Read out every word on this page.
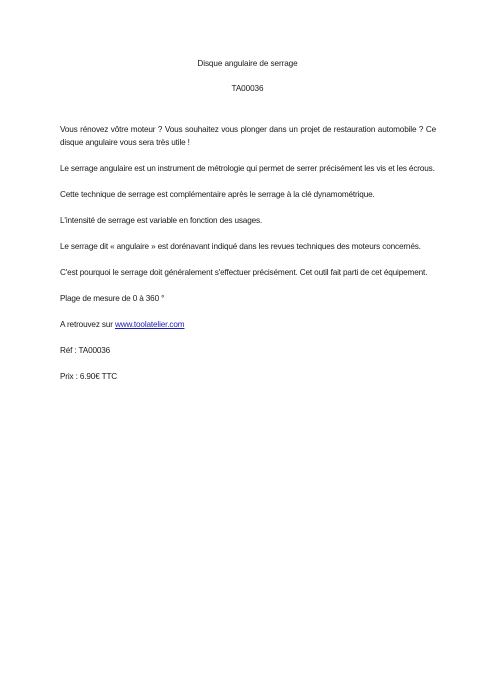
Disque angulaire de serrage
TA00036

Vous rénovez vôtre moteur ? Vous souhaitez vous plonger dans un projet de restauration automobile ? Ce disque angulaire vous sera très utile !

Le serrage angulaire est un instrument de métrologie qui permet de serrer précisément les vis et les écrous.

Cette technique de serrage est complémentaire après le serrage à la clé dynamométrique.

L'intensité de serrage est variable en fonction des usages.

Le serrage dit « angulaire » est dorénavant indiqué dans les revues techniques des moteurs concernés.

C'est pourquoi le serrage doit généralement s'effectuer précisément. Cet outil fait parti de cet équipement.

Plage de mesure de 0 à 360 °

A retrouvez sur www.toolatelier.com

Réf : TA00036

Prix : 6.90€ TTC
